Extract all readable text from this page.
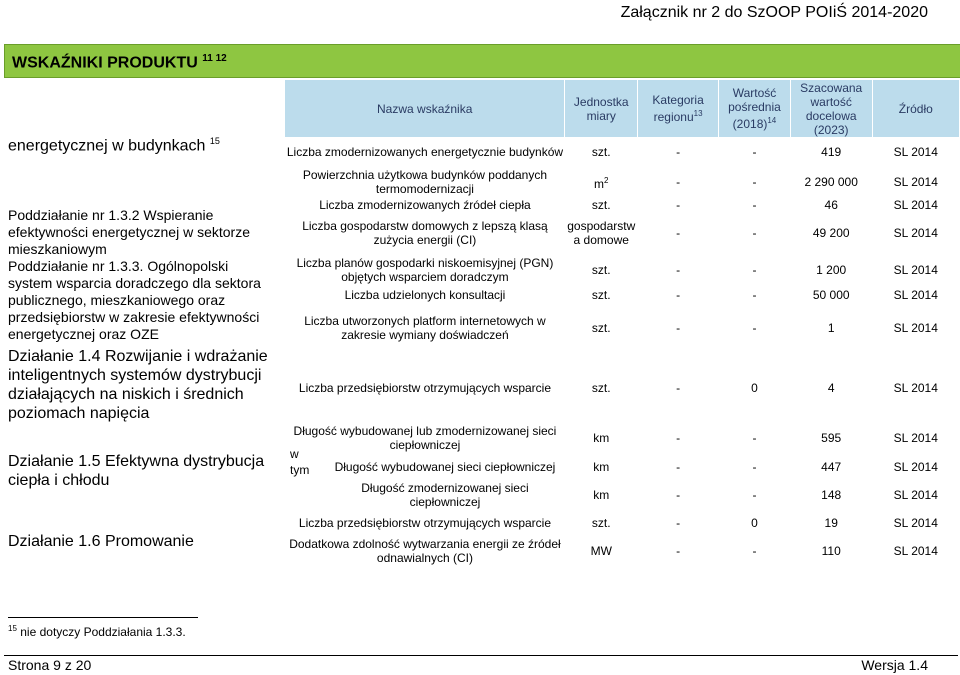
Załącznik nr 2 do SzOOP POIiŚ 2014-2020
WSKAŹNIKI PRODUKTU $^{11 12}$
energetycznej w budynkach $^{15}$
Poddziałanie nr 1.3.2 Wspieranie efektywności energetycznej w sektorze mieszkaniowym
Poddziałanie nr 1.3.3. Ogólnopolski system wsparcia doradczego dla sektora publicznego, mieszkaniowego oraz przedsiębiorstw w zakresie efektywności energetycznej oraz OZE
Działanie 1.4 Rozwijanie i wdrażanie inteligentnych systemów dystrybucji działających na niskich i średnich poziomach napięcia
Działanie 1.5 Efektywna dystrybucja ciepła i chłodu
Działanie 1.6 Promowanie
w tym
Nazwa wskaźnika	Jednostka miary	Kategoria regionu$^{13}$	Wartość pośrednia $(2018)^{14}$	Szacowana wartość docelowa (2023)	Źródło
Liczba zmodernizowanych energetycznie budynków	szt.	-	-	419	SL 2014
Powierzchnia użytkowa budynków poddanych termomodernizacji	$m^2$	-	-	2 290 000	SL 2014
Liczba zmodernizowanych źródeł ciepła	szt.	-	-	46	SL 2014
Liczba gospodarstw domowych z lepszą klasą zużycia energii (CI)	gospodarstw a domowe	-	-	49 200	SL 2014
Liczba planów gospodarki niskoemisyjnej (PGN) objętych wsparciem doradczym	szt.	-	-	1 200	SL 2014
Liczba udzielonych konsultacji	szt.	-	-	50 000	SL 2014
Liczba utworzonych platform internetowych w zakresie wymiany doświadczeń	szt.	-	-	1	SL 2014
Liczba przedsiębiorstw otrzymujących wsparcie	szt.	-	0	4	SL 2014
Długość wybudowanej lub zmodernizowanej sieci ciepłowniczej	km	-	-	595	SL 2014
Długość wybudowanej sieci ciepłowniczej	km	-	-	447	SL 2014
Długość zmodernizowanej sieci ciepłowniczej	km	-	-	148	SL 2014
Liczba przedsiębiorstw otrzymujących wsparcie	szt.	-	0	19	SL 2014
Dodatkowa zdolność wytwarzania energii ze źródeł odnawialnych (CI)	MW	-	-	110	SL 2014
$^{15}$ nie dotyczy Poddziałania 1.3.3.
Strona 9 z 20	Wersja 1.4
